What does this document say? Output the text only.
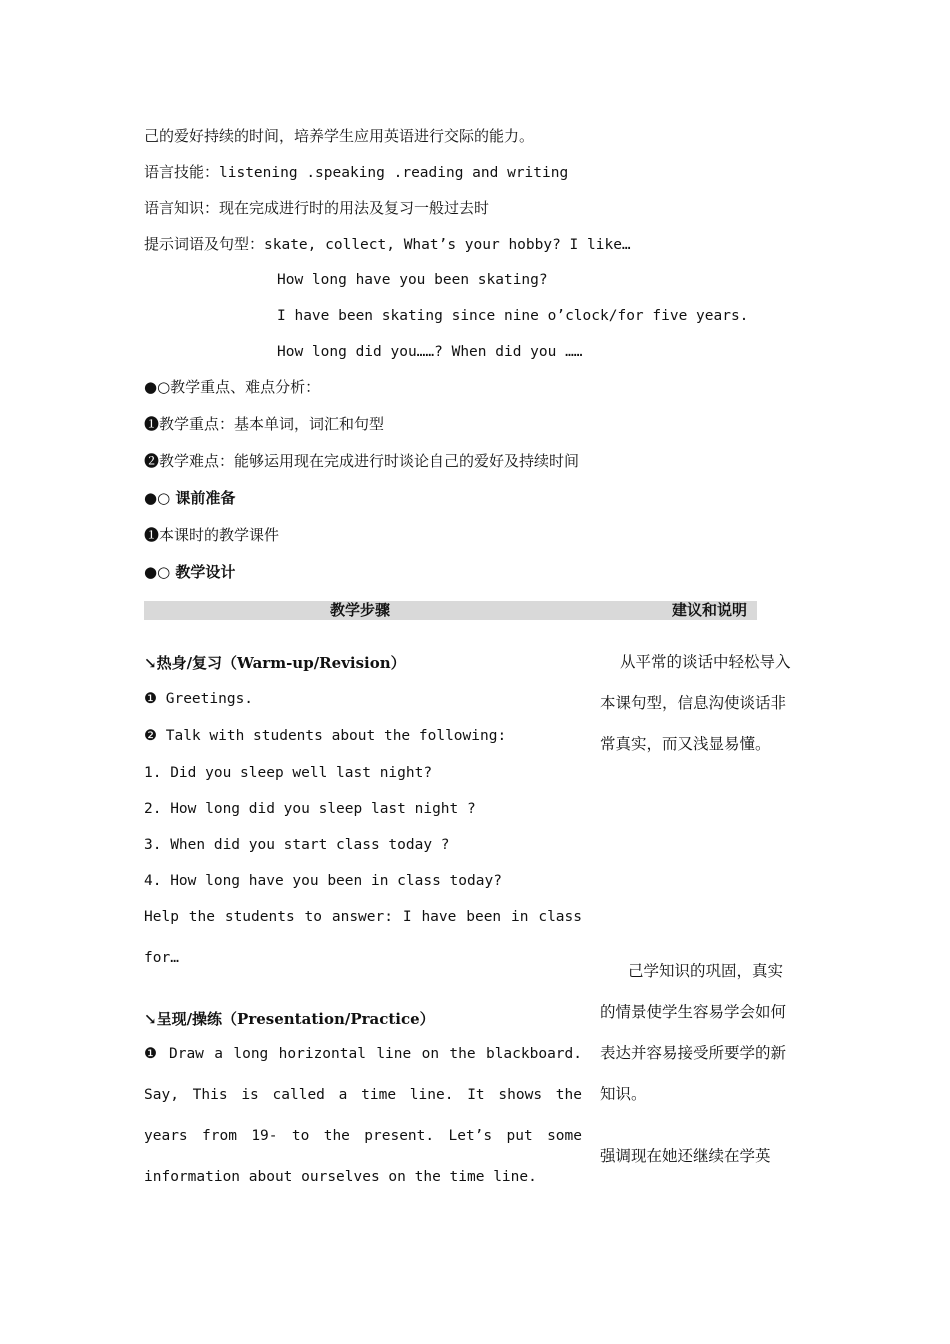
己的爱好持续的时间，培养学生应用英语进行交际的能力。
语言技能：listening .speaking .reading and writing
语言知识：现在完成进行时的用法及复习一般过去时
提示词语及句型：skate, collect, What’s your hobby? I like…
How long have you been skating?
I have been skating since nine o’clock/for five years.
How long did you……? When did you ……
●○教学重点、难点分析：
❶教学重点：基本单词，词汇和句型
❷教学难点：能够运用现在完成进行时谈论自己的爱好及持续时间
●○ 课前准备
❶本课时的教学课件
●○ 教学设计
教学步骤	建议和说明
↘热身/复习（Warm-up/Revision）
❶ Greetings.
❷ Talk with students about the following:
1. Did you sleep well last night?
2. How long did you sleep last night ?
3. When did you start class today ?
4. How long have you been in class today?
Help the students to answer: I have been in class for…
从平常的谈话中轻松导入本课句型，信息沟使谈话非常真实，而又浅显易懂。
↘呈现/操练（Presentation/Practice）
❶ Draw a long horizontal line on the blackboard. Say, This is called a time line. It shows the years from 19- to the present. Let’s put some information about ourselves on the time line.
己学知识的巩固，真实的情景使学生容易学会如何表达并容易接受所要学的新知识。
强调现在她还继续在学英
